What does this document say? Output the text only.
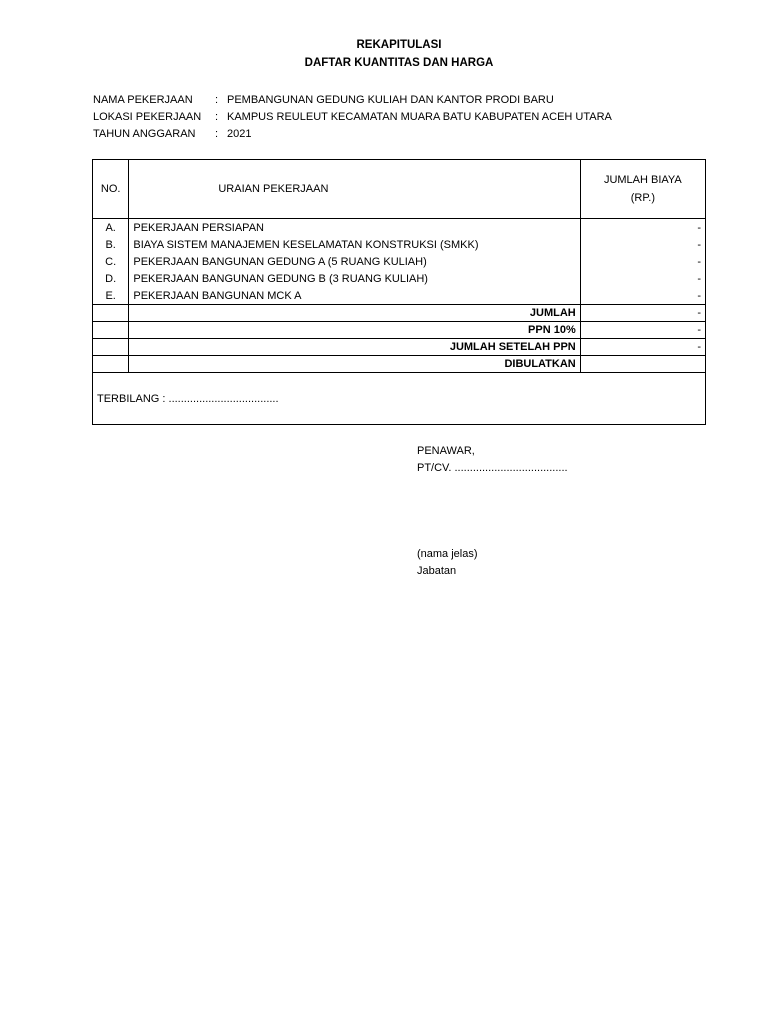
REKAPITULASI
DAFTAR KUANTITAS DAN HARGA
NAMA PEKERJAAN	: PEMBANGUNAN GEDUNG KULIAH DAN KANTOR PRODI BARU
LOKASI PEKERJAAN	: KAMPUS REULEUT KECAMATAN MUARA BATU KABUPATEN ACEH UTARA
TAHUN ANGGARAN	: 2021
NO.	URAIAN PEKERJAAN	JUMLAH BIAYA
(RP.)

A.	PEKERJAAN PERSIAPAN	-
B.	BIAYA SISTEM MANAJEMEN KESELAMATAN KONSTRUKSI (SMKK)	-
C.	PEKERJAAN BANGUNAN GEDUNG A (5 RUANG KULIAH)	-
D.	PEKERJAAN BANGUNAN GEDUNG B (3 RUANG KULIAH)	-
E.	PEKERJAAN BANGUNAN MCK A	-
	JUMLAH	-
	PPN 10%	-
	JUMLAH SETELAH PPN	-
	DIBULATKAN	
TERBILANG : ....................................		
PENAWAR,
PT/CV. .....................................
(nama jelas)
Jabatan
